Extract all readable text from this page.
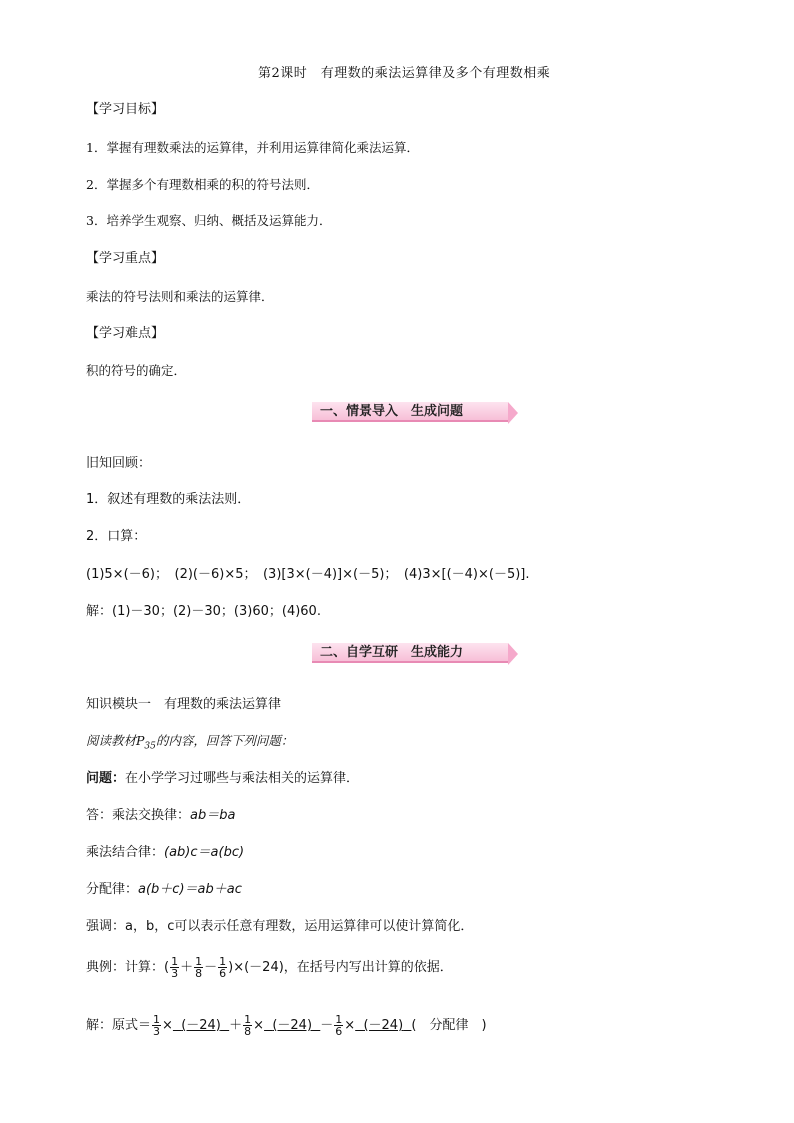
第2课时　有理数的乘法运算律及多个有理数相乘
【学习目标】
1．掌握有理数乘法的运算律，并利用运算律简化乘法运算．
2．掌握多个有理数相乘的积的符号法则．
3．培养学生观察、归纳、概括及运算能力．
【学习重点】
乘法的符号法则和乘法的运算律．
【学习难点】
积的符号的确定．
一、情景导入　生成问题
旧知回顾：
1．叙述有理数的乘法法则．
2．口算：
(1)5×(－6)；　(2)(－6)×5；　(3)[3×(－4)]×(－5)；　(4)3×[(－4)×(－5)].
解：(1)－30；(2)－30；(3)60；(4)60.
二、自学互研　生成能力
知识模块一　有理数的乘法运算律
阅读教材$P_{35}$的内容，回答下列问题：
问题：在小学学习过哪些与乘法相关的运算律．
答：乘法交换律：ab＝ba
乘法结合律：(ab)c＝a(bc)
分配律：a(b＋c)＝ab＋ac
强调：a，b，c可以表示任意有理数，运用运算律可以使计算简化．
典例：计算：( $\frac{1}{3} + \frac{1}{8} - \frac{1}{6} )\times(-24)$，在括号内写出计算的依据．
解：原式＝ $\frac{1}{3} \times (-24) + \frac{1}{8} \times (-24) - \frac{1}{6} \times (-24)$ (　分配律　)
